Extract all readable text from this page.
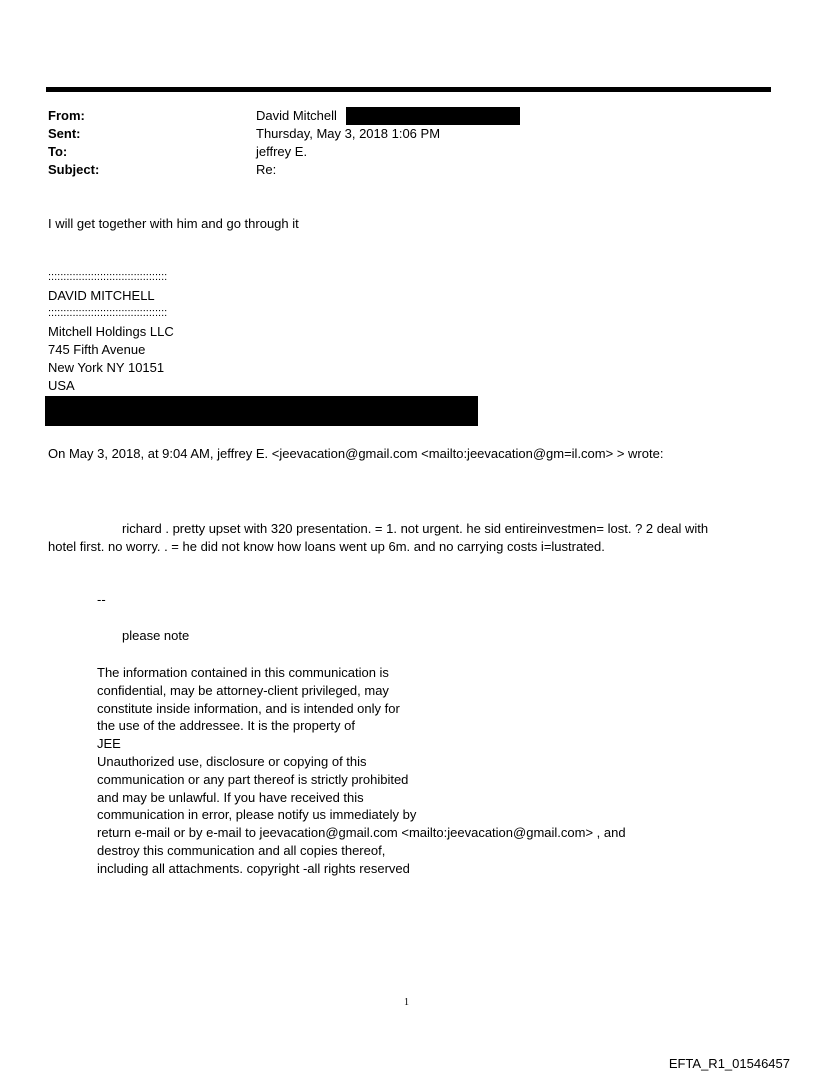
From:	David Mitchell
Sent:	Thursday, May 3, 2018 1:06 PM
To:	jeffrey E.
Subject:	Re:
I will get together with him and go through it
:::::::::::::::::::::::::::::::::::::::
DAVID MITCHELL
:::::::::::::::::::::::::::::::::::::::
Mitchell Holdings LLC
745 Fifth Avenue
New York NY 10151
USA
On May 3, 2018, at 9:04 AM, jeffrey E. <jeevacation@gmail.com <mailto:jeevacation@gm=il.com> > wrote:
richard . pretty upset with 320 presentation. = 1. not urgent. he sid entireinvestmen= lost. ? 2 deal with
hotel first. no worry. . = he did not know how loans went up 6m. and no carrying costs i=lustrated.
--
please note
The information contained in this communication is
confidential, may be attorney-client privileged, may
constitute inside information, and is intended only for
the use of the addressee. It is the property of
JEE
Unauthorized use, disclosure or copying of this
communication or any part thereof is strictly prohibited
and may be unlawful. If you have received this
communication in error, please notify us immediately by
return e-mail or by e-mail to jeevacation@gmail.com <mailto:jeevacation@gmail.com> , and
destroy this communication and all copies thereof,
including all attachments. copyright -all rights reserved
1
EFTA_R1_01546457
